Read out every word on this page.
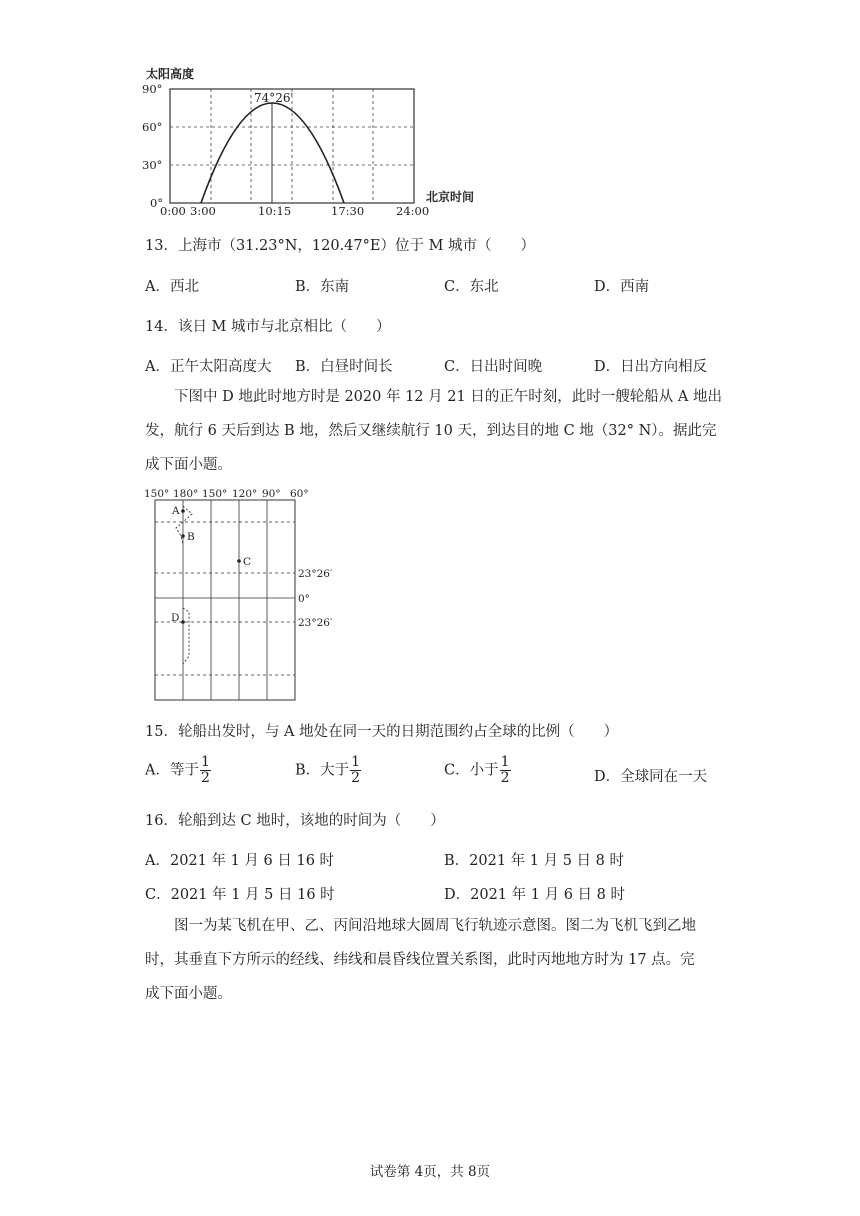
太阳高度
74°26′
90°
60°
30°
0°
0:00 3:00	10:15	17:30	24:00
北京时间
13．上海市（31.23°N，120.47°E）位于 M 城市（　　）
A．西北	B．东南	C．东北	D．西南
14．该日 M 城市与北京相比（　　）
A．正午太阳高度大 B．白昼时间长	C．日出时间晚	D．日出方向相反
下图中 D 地此时地方时是 2020 年 12 月 21 日的正午时刻，此时一艘轮船从 A 地出
发，航行 6 天后到达 B 地，然后又继续航行 10 天，到达目的地 C 地（32° N）。据此完
成下面小题。
150° 180° 150° 120° 90° 60°
A
B
C
D
23°26′
0°
23°26′
15．轮船出发时，与 A 地处在同一天的日期范围约占全球的比例（　　）
A．等于 $\frac{1}{2}$	B．大于 $\frac{1}{2}$	C．小于 $\frac{1}{2}$	D．全球同在一天
16．轮船到达 C 地时，该地的时间为（　　）
A．2021 年 1 月 6 日 16 时	B．2021 年 1 月 5 日 8 时
C．2021 年 1 月 5 日 16 时	D．2021 年 1 月 6 日 8 时
图一为某飞机在甲、乙、丙间沿地球大圆周飞行轨迹示意图。图二为飞机飞到乙地
时，其垂直下方所示的经线、纬线和晨昏线位置关系图，此时丙地地方时为 17 点。完
成下面小题。
试卷第 4页，共 8页
